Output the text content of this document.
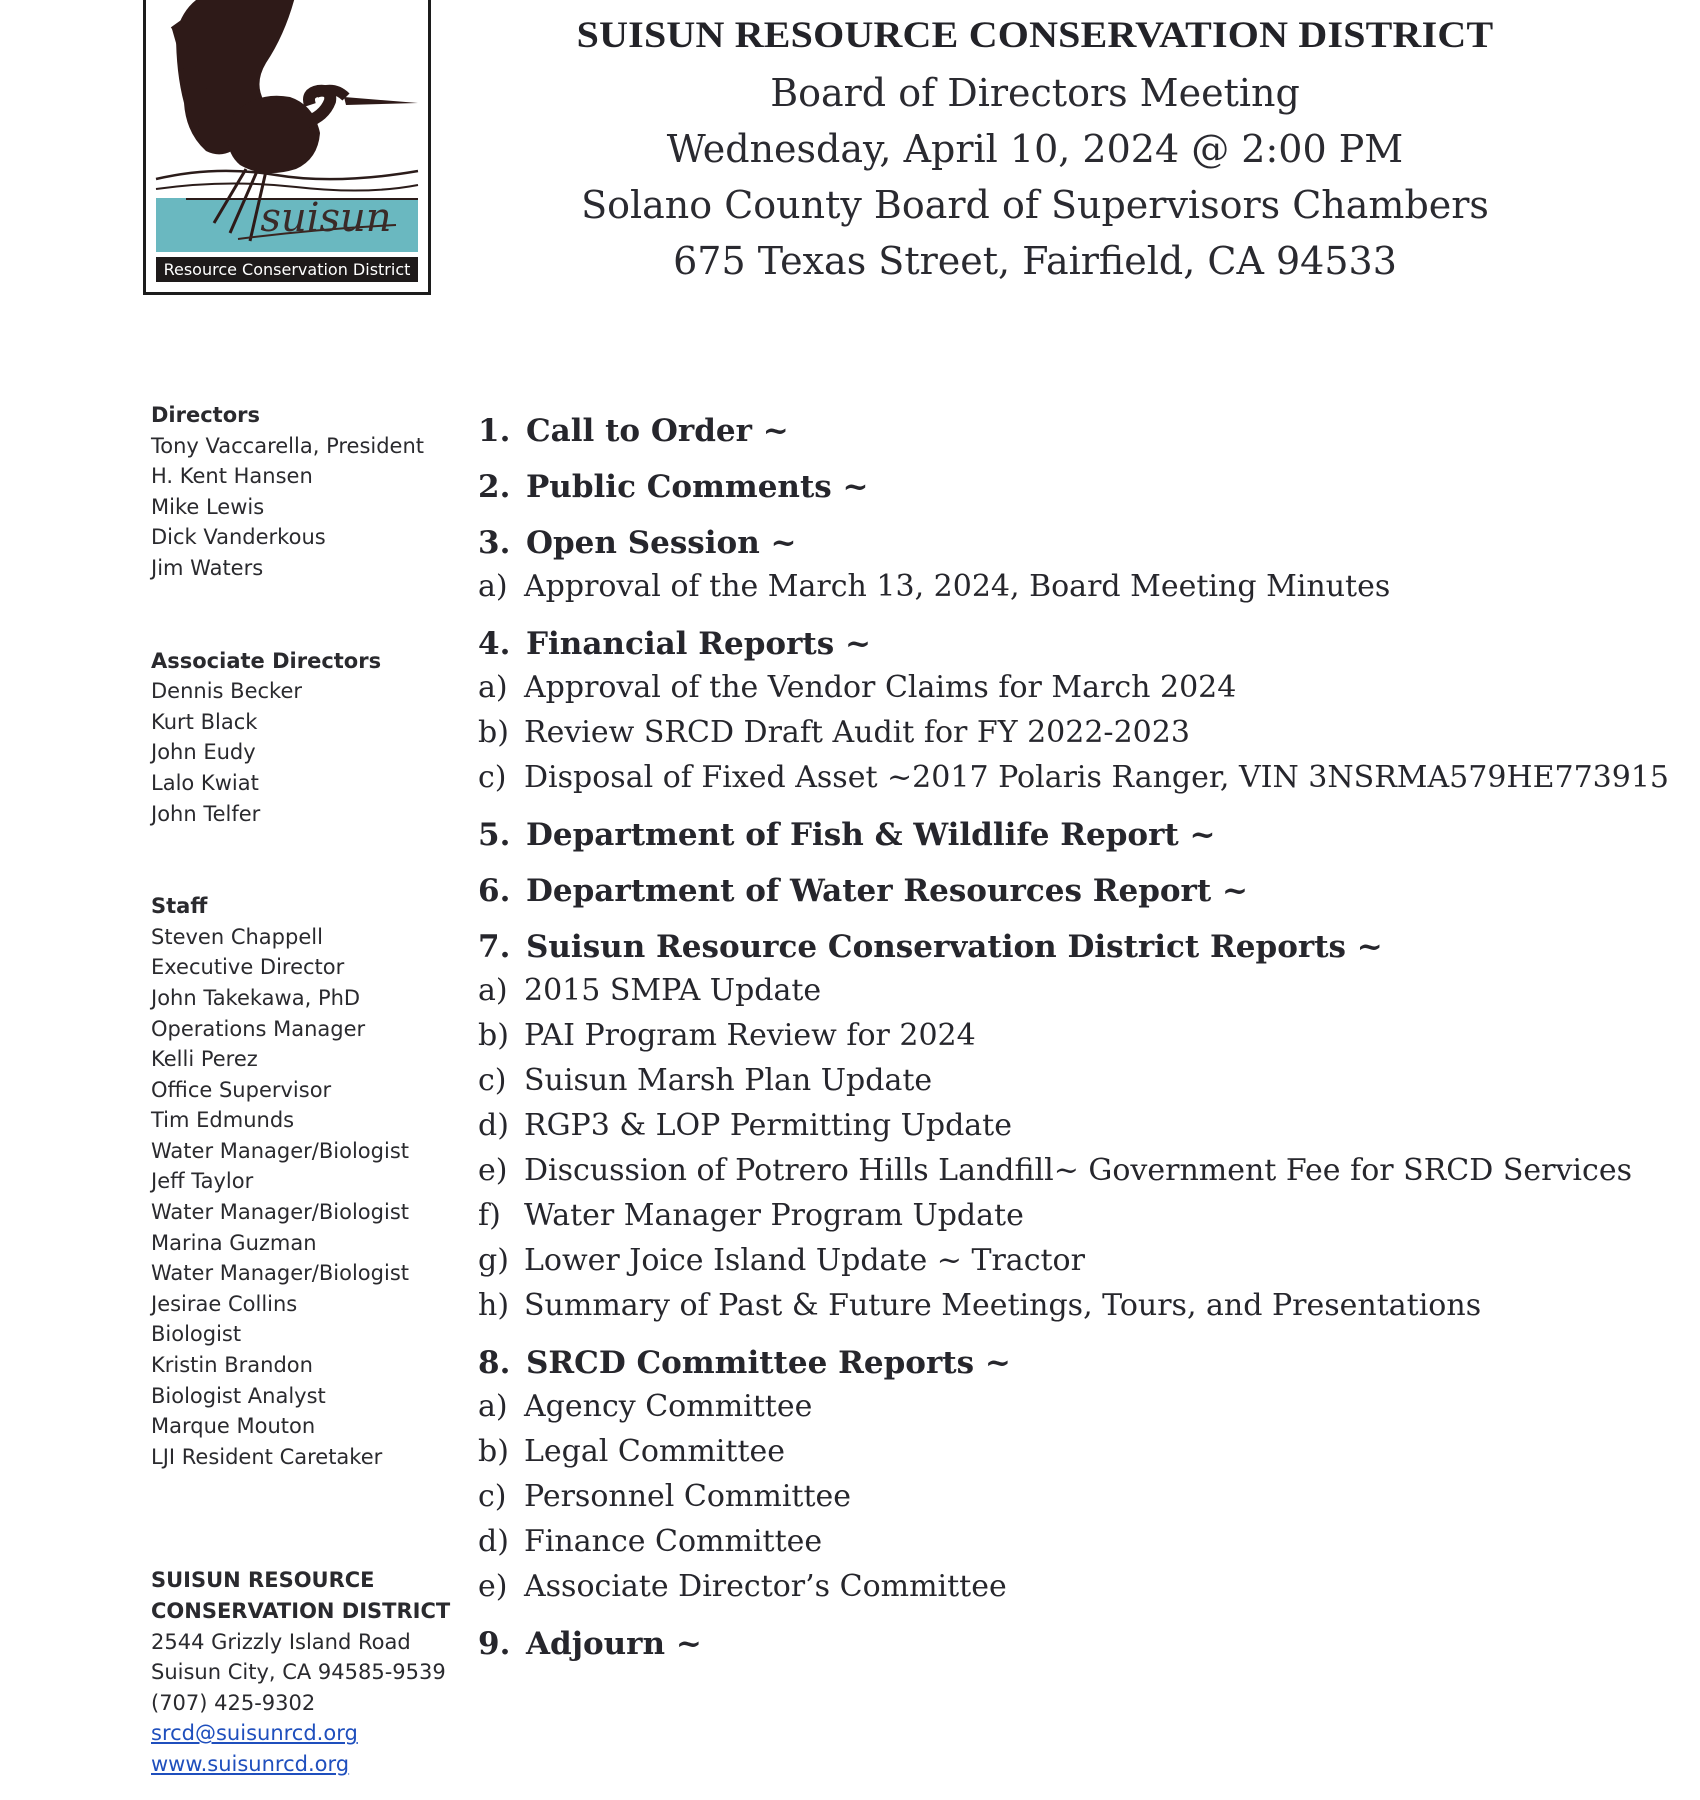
suisun
Resource Conservation District
SUISUN RESOURCE CONSERVATION DISTRICT
Board of Directors Meeting
Wednesday, April 10, 2024 @ 2:00 PM
Solano County Board of Supervisors Chambers
675 Texas Street, Fairfield, CA 94533
Directors
Tony Vaccarella, President
H. Kent Hansen
Mike Lewis
Dick Vanderkous
Jim Waters
Associate Directors
Dennis Becker
Kurt Black
John Eudy
Lalo Kwiat
John Telfer
Staff
Steven Chappell
Executive Director
John Takekawa, PhD
Operations Manager
Kelli Perez
Office Supervisor
Tim Edmunds
Water Manager/Biologist
Jeff Taylor
Water Manager/Biologist
Marina Guzman
Water Manager/Biologist
Jesirae Collins
Biologist
Kristin Brandon
Biologist Analyst
Marque Mouton
LJI Resident Caretaker
SUISUN RESOURCE
CONSERVATION DISTRICT
2544 Grizzly Island Road
Suisun City, CA 94585-9539
(707) 425-9302
srcd@suisunrcd.org
www.suisunrcd.org
1. Call to Order ~
2. Public Comments ~
3. Open Session ~
a) Approval of the March 13, 2024, Board Meeting Minutes
4. Financial Reports ~
a) Approval of the Vendor Claims for March 2024
b) Review SRCD Draft Audit for FY 2022-2023
c) Disposal of Fixed Asset ~2017 Polaris Ranger, VIN 3NSRMA579HE773915
5. Department of Fish & Wildlife Report ~
6. Department of Water Resources Report ~
7. Suisun Resource Conservation District Reports ~
a) 2015 SMPA Update
b) PAI Program Review for 2024
c) Suisun Marsh Plan Update
d) RGP3 & LOP Permitting Update
e) Discussion of Potrero Hills Landfill~ Government Fee for SRCD Services
f) Water Manager Program Update
g) Lower Joice Island Update ~ Tractor
h) Summary of Past & Future Meetings, Tours, and Presentations
8. SRCD Committee Reports ~
a) Agency Committee
b) Legal Committee
c) Personnel Committee
d) Finance Committee
e) Associate Director’s Committee
9. Adjourn ~
